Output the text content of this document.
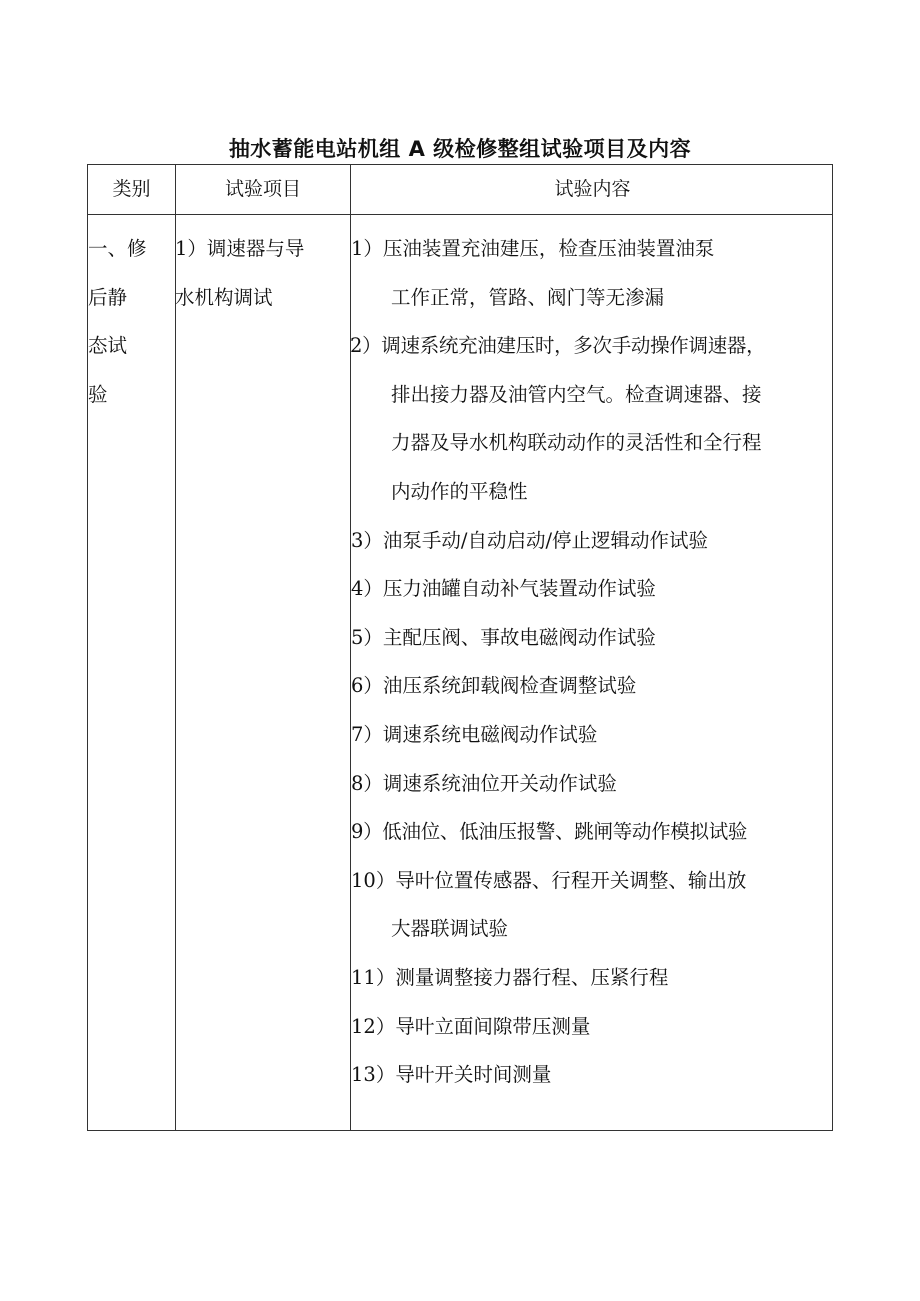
抽水蓄能电站机组 A 级检修整组试验项目及内容
类别	试验项目	试验内容
一、修
后静
态试
验
1）调速器与导
水机构调试
1）压油装置充油建压，检查压油装置油泵
工作正常，管路、阀门等无渗漏
2）调速系统充油建压时，多次手动操作调速器，
排出接力器及油管内空气。检查调速器、接
力器及导水机构联动动作的灵活性和全行程
内动作的平稳性
3）油泵手动/自动启动/停止逻辑动作试验
4）压力油罐自动补气装置动作试验
5）主配压阀、事故电磁阀动作试验
6）油压系统卸载阀检查调整试验
7）调速系统电磁阀动作试验
8）调速系统油位开关动作试验
9）低油位、低油压报警、跳闸等动作模拟试验
10）导叶位置传感器、行程开关调整、输出放
大器联调试验
11）测量调整接力器行程、压紧行程
12）导叶立面间隙带压测量
13）导叶开关时间测量
